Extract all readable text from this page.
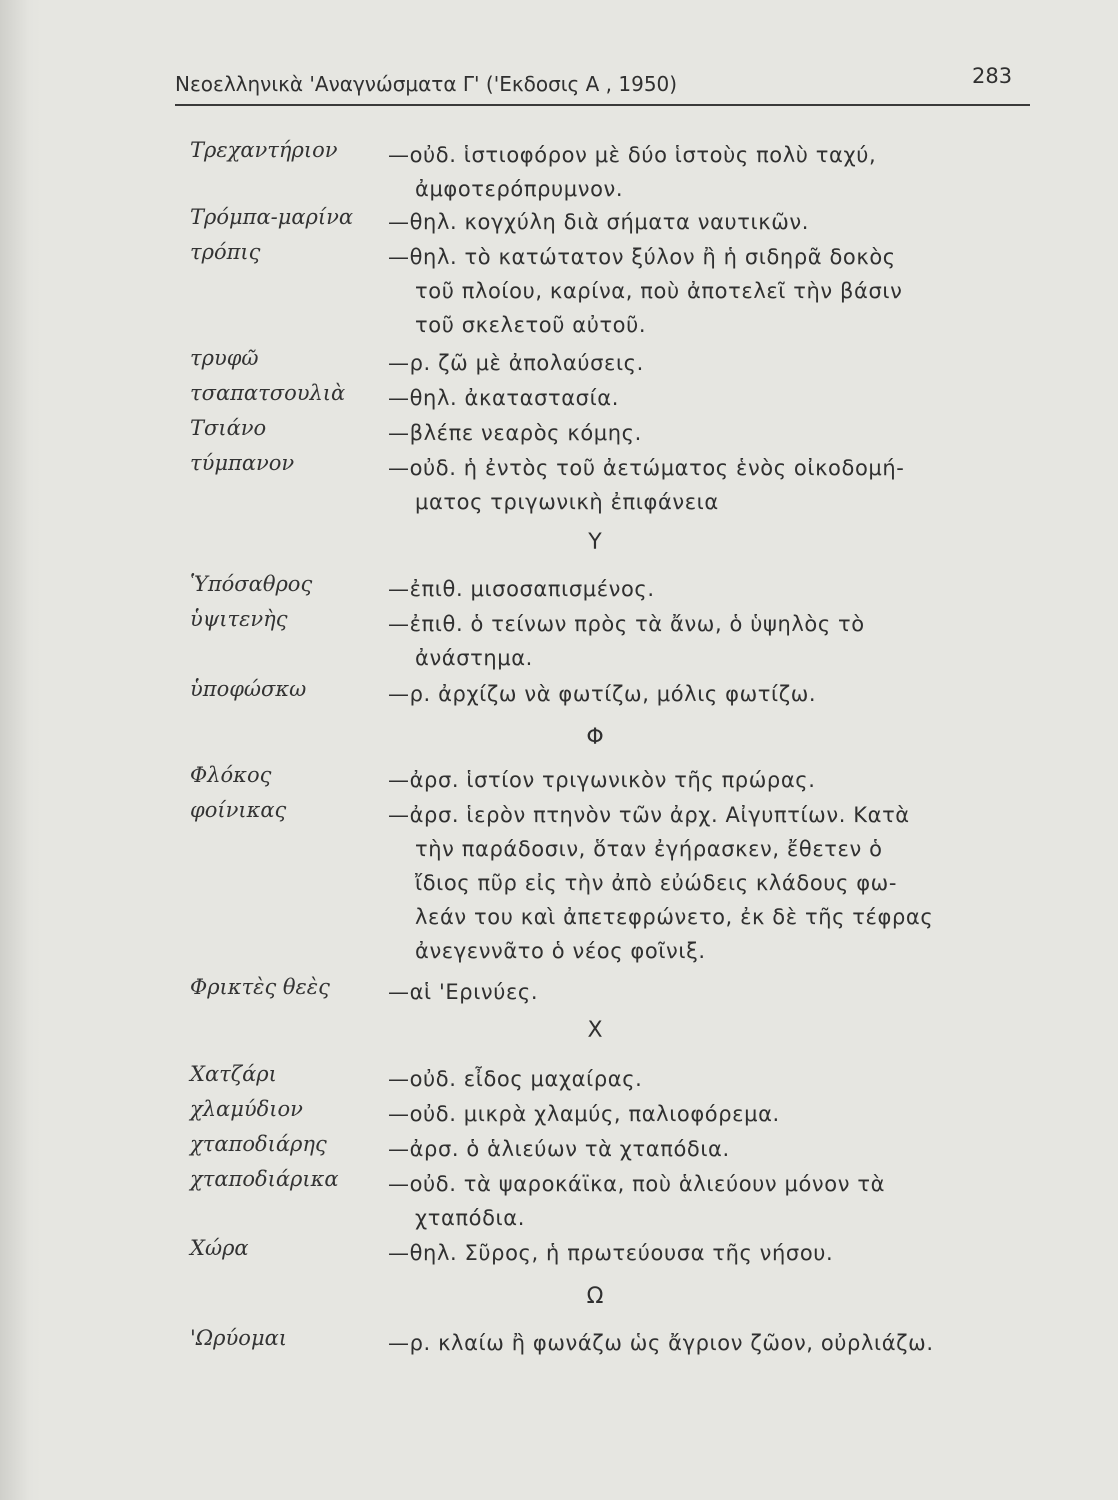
Νεοελληνικὰ 'Αναγνώσματα Γ' ('Εκδοσις Α , 1950)	283
Τρεχαντήριον —οὐδ. ἱστιοφόρον μὲ δύο ἱστοὺς πολὺ ταχύ,
ἀμφοτερόπρυμνον.
Τρόμπα-μαρίνα —θηλ. κογχύλη διὰ σήματα ναυτικῶν.
τρόπις	—θηλ. τὸ κατώτατον ξύλον ἢ ἡ σιδηρᾶ δοκὸς
τοῦ πλοίου, καρίνα, ποὺ ἀποτελεῖ τὴν βάσιν
τοῦ σκελετοῦ αὐτοῦ.
τρυφῶ	—ρ. ζῶ μὲ ἀπολαύσεις.
τσαπατσουλιὰ —θηλ. ἀκαταστασία.
Τσιάνο	—βλέπε νεαρὸς κόμης.
τύμπανον	—οὐδ. ἡ ἐντὸς τοῦ ἀετώματος ἑνὸς οἰκοδομή-
ματος τριγωνικὴ ἐπιφάνεια
Υ
Ὑπόσαθρος	—ἐπιθ. μισοσαπισμένος.
ὑψιτενὴς	—ἐπιθ. ὁ τείνων πρὸς τὰ ἄνω, ὁ ὑψηλὸς τὸ
ἀνάστημα.
ὑποφώσκω	—ρ. ἀρχίζω νὰ φωτίζω, μόλις φωτίζω.
Φ
Φλόκος	—ἀρσ. ἱστίον τριγωνικὸν τῆς πρώρας.
φοίνικας	—ἀρσ. ἱερὸν πτηνὸν τῶν ἀρχ. Αἰγυπτίων. Κατὰ
τὴν παράδοσιν, ὅταν ἐγήρασκεν, ἔθετεν ὁ
ἴδιος πῦρ εἰς τὴν ἀπὸ εὐώδεις κλάδους φω-
λεάν του καὶ ἀπετεφρώνετο, ἐκ δὲ τῆς τέφρας
ἀνεγεννᾶτο ὁ νέος φοῖνιξ.
Φρικτὲς θεὲς	—αἱ 'Ερινύες.
Χ
Χατζάρι	—οὐδ. εἶδος μαχαίρας.
χλαμύδιον	—οὐδ. μικρὰ χλαμύς, παλιοφόρεμα.
χταποδιάρης	—ἀρσ. ὁ ἁλιεύων τὰ χταπόδια.
χταποδιάρικα —οὐδ. τὰ ψαροκάϊκα, ποὺ ἁλιεύουν μόνον τὰ
χταπόδια.
Χώρα	—θηλ. Σῦρος, ἡ πρωτεύουσα τῆς νήσου.
Ω
'Ωρύομαι	—ρ. κλαίω ἢ φωνάζω ὡς ἄγριον ζῶον, οὐρλιάζω.
